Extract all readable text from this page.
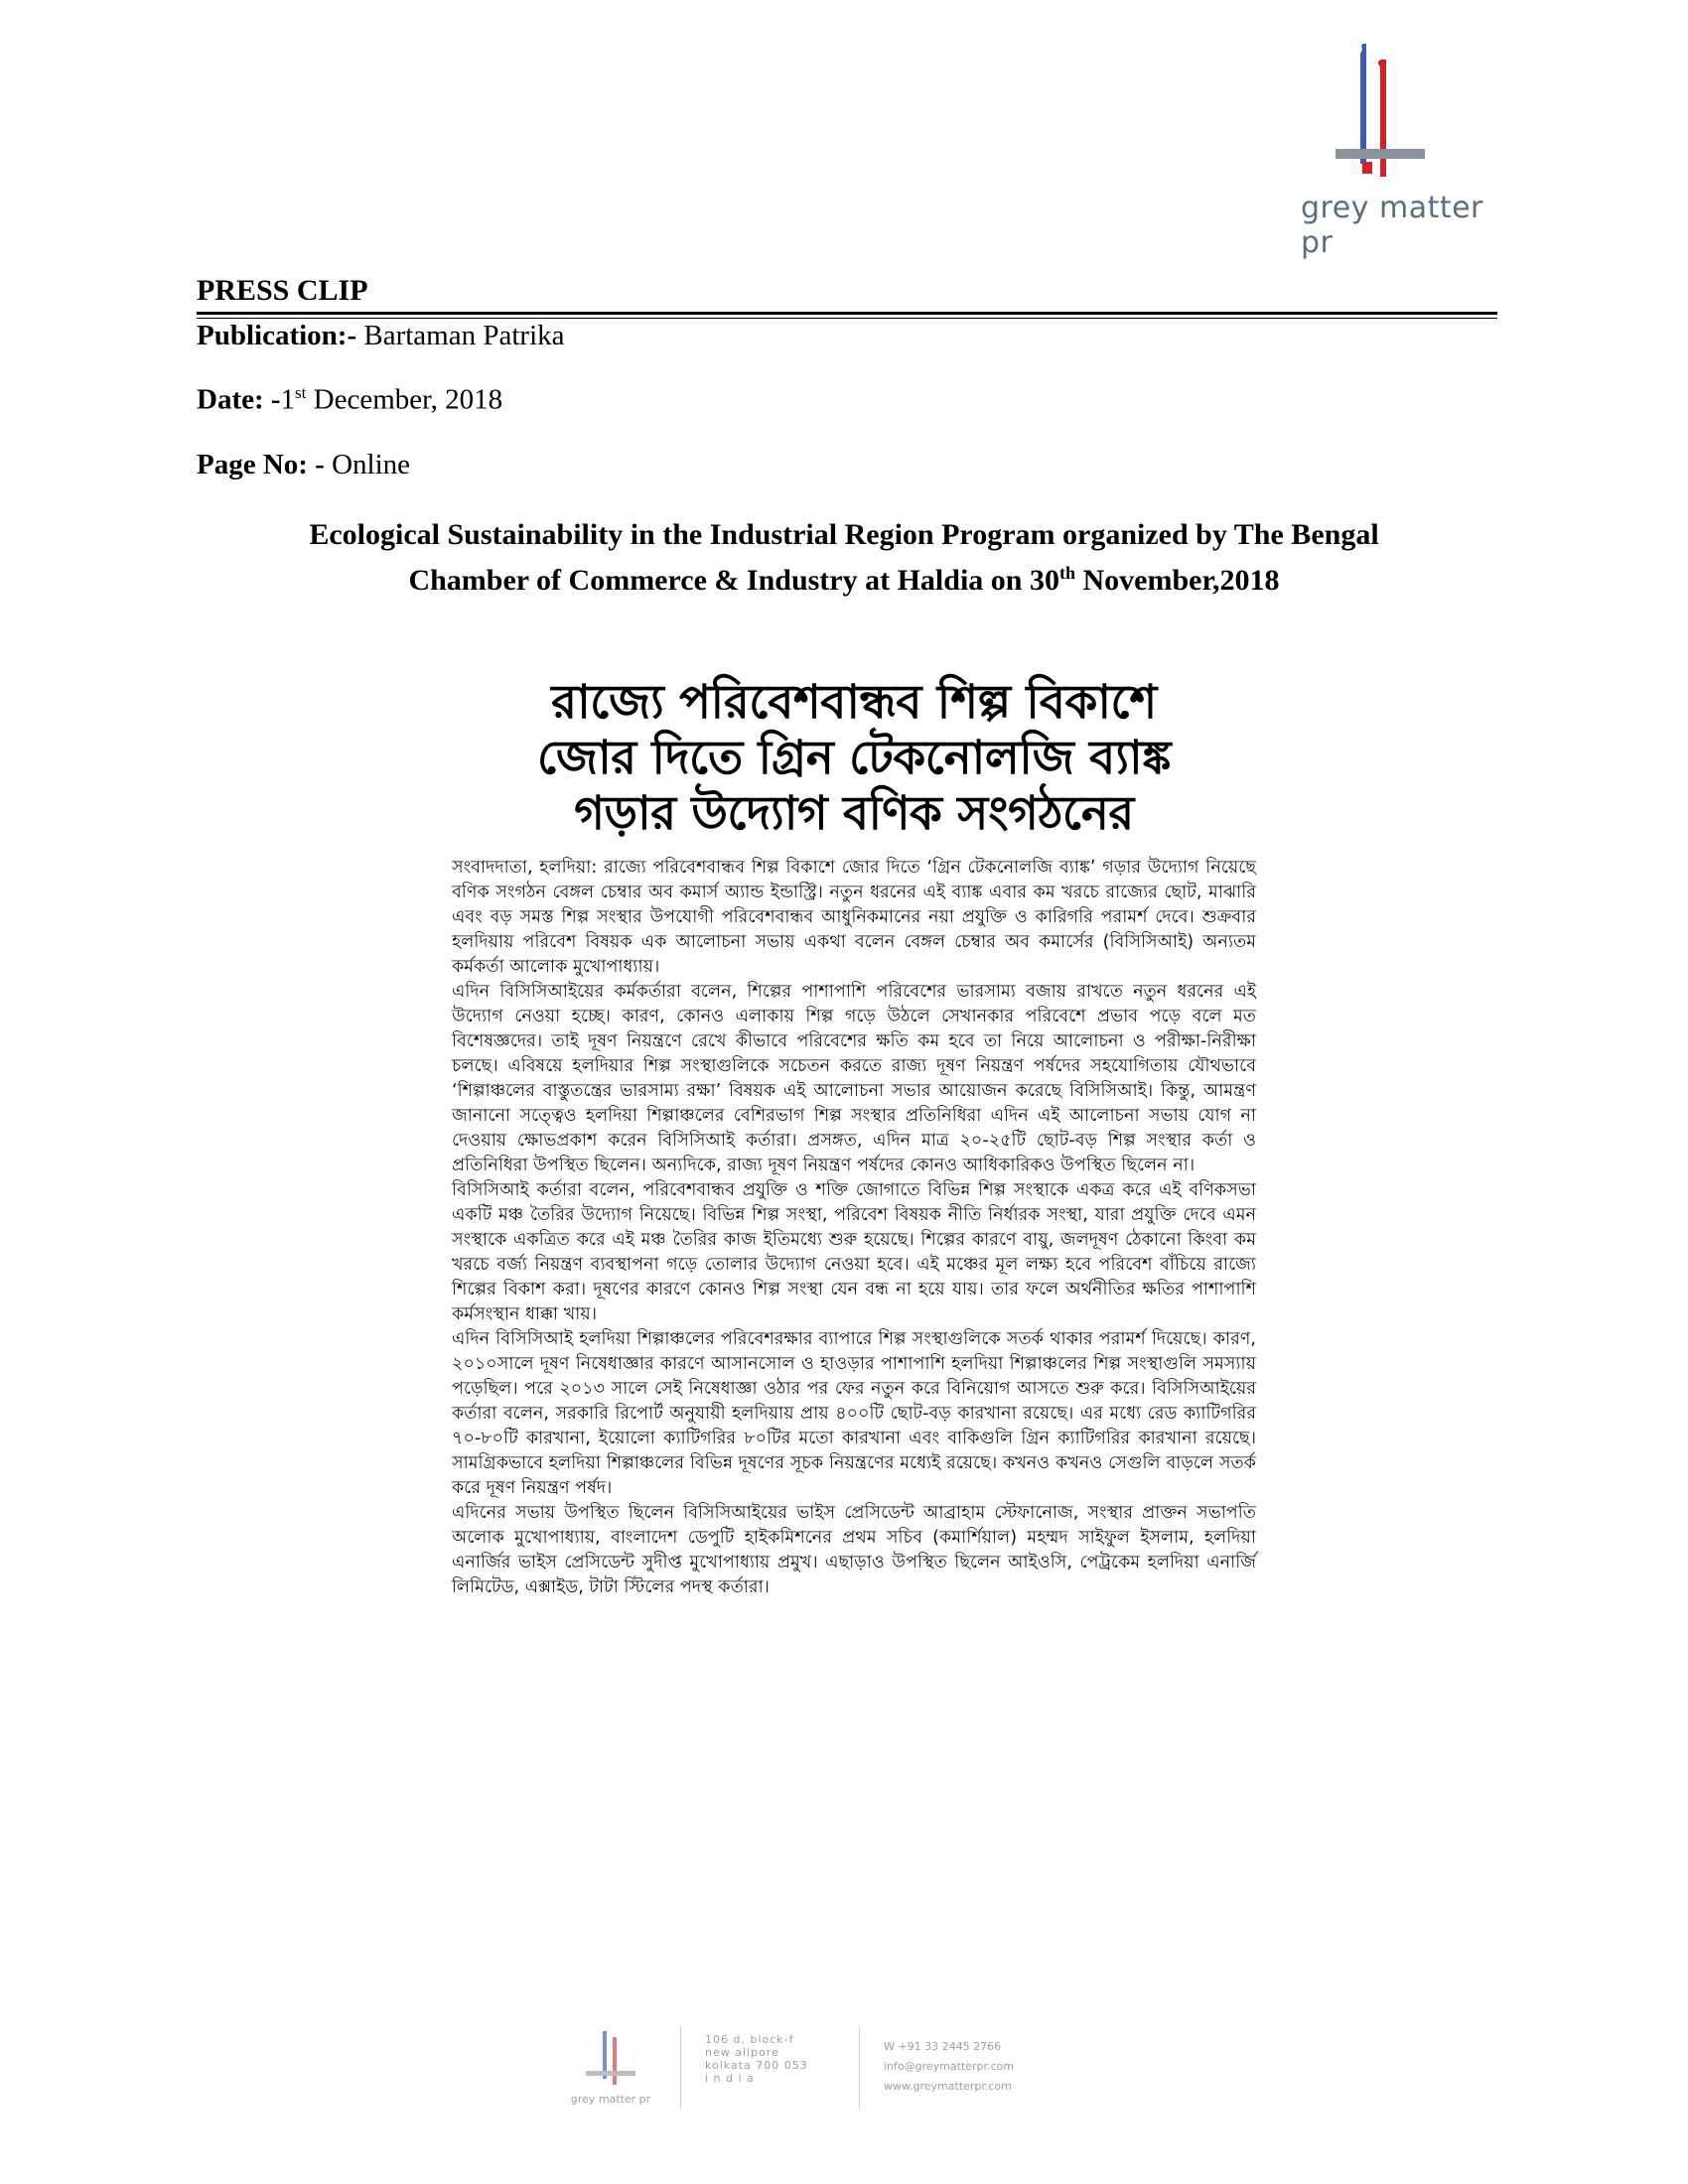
grey matter pr
PRESS CLIP
Publication:- Bartaman Patrika
Date: -1st December, 2018
Page No: - Online
Ecological Sustainability in the Industrial Region Program organized by The Bengal
Chamber of Commerce & Industry at Haldia on 30th November,2018
রাজ্যে পরিবেশবান্ধব শিল্প বিকাশে
জোর দিতে গ্রিন টেকনোলজি ব্যাঙ্ক
গড়ার উদ্যোগ বণিক সংগঠনের

সংবাদদাতা, হলদিয়া: রাজ্যে পরিবেশবান্ধব শিল্প বিকাশে জোর দিতে ‘গ্রিন টেকনোলজি ব্যাঙ্ক’ গড়ার উদ্যোগ নিয়েছে বণিক সংগঠন বেঙ্গল চেম্বার অব কমার্স অ্যান্ড ইন্ডাস্ট্রি। নতুন ধরনের এই ব্যাঙ্ক এবার কম খরচে রাজ্যের ছোট, মাঝারি এবং বড় সমস্ত শিল্প সংস্থার উপযোগী পরিবেশবান্ধব আধুনিকমানের নয়া প্রযুক্তি ও কারিগরি পরামর্শ দেবে। শুক্রবার হলদিয়ায় পরিবেশ বিষয়ক এক আলোচনা সভায় একথা বলেন বেঙ্গল চেম্বার অব কমার্সের (বিসিসিআই) অন্যতম কর্মকর্তা আলোক মুখোপাধ্যায়।

এদিন বিসিসিআইয়ের কর্মকর্তারা বলেন, শিল্পের পাশাপাশি পরিবেশের ভারসাম্য বজায় রাখতে নতুন ধরনের এই উদ্যোগ নেওয়া হচ্ছে। কারণ, কোনও এলাকায় শিল্প গড়ে উঠলে সেখানকার পরিবেশে প্রভাব পড়ে বলে মত বিশেষজ্ঞদের। তাই দূষণ নিয়ন্ত্রণে রেখে কীভাবে পরিবেশের ক্ষতি কম হবে তা নিয়ে আলোচনা ও পরীক্ষা-নিরীক্ষা চলছে। এবিষয়ে হলদিয়ার শিল্প সংস্থাগুলিকে সচেতন করতে রাজ্য দূষণ নিয়ন্ত্রণ পর্ষদের সহযোগিতায় যৌথভাবে ‘শিল্পাঞ্চলের বাস্তুতন্ত্রের ভারসাম্য রক্ষা’ বিষয়ক এই আলোচনা সভার আয়োজন করেছে বিসিসিআই। কিন্তু, আমন্ত্রণ জানানো সত্ত্বেও হলদিয়া শিল্পাঞ্চলের বেশিরভাগ শিল্প সংস্থার প্রতিনিধিরা এদিন এই আলোচনা সভায় যোগ না দেওয়ায় ক্ষোভপ্রকাশ করেন বিসিসিআই কর্তারা। প্রসঙ্গত, এদিন মাত্র ২০-২৫টি ছোট-বড় শিল্প সংস্থার কর্তা ও প্রতিনিধিরা উপস্থিত ছিলেন। অন্যদিকে, রাজ্য দূষণ নিয়ন্ত্রণ পর্ষদের কোনও আধিকারিকও উপস্থিত ছিলেন না।

বিসিসিআই কর্তারা বলেন, পরিবেশবান্ধব প্রযুক্তি ও শক্তি জোগাতে বিভিন্ন শিল্প সংস্থাকে একত্র করে এই বণিকসভা একটি মঞ্চ তৈরির উদ্যোগ নিয়েছে। বিভিন্ন শিল্প সংস্থা, পরিবেশ বিষয়ক নীতি নির্ধারক সংস্থা, যারা প্রযুক্তি দেবে এমন সংস্থাকে একত্রিত করে এই মঞ্চ তৈরির কাজ ইতিমধ্যে শুরু হয়েছে। শিল্পের কারণে বায়ু, জলদূষণ ঠেকানো কিংবা কম খরচে বর্জ্য নিয়ন্ত্রণ ব্যবস্থাপনা গড়ে তোলার উদ্যোগ নেওয়া হবে। এই মঞ্চের মূল লক্ষ্য হবে পরিবেশ বাঁচিয়ে রাজ্যে শিল্পের বিকাশ করা। দূষণের কারণে কোনও শিল্প সংস্থা যেন বন্ধ না হয়ে যায়। তার ফলে অর্থনীতির ক্ষতির পাশাপাশি কর্মসংস্থান ধাক্কা খায়।

এদিন বিসিসিআই হলদিয়া শিল্পাঞ্চলের পরিবেশরক্ষার ব্যাপারে শিল্প সংস্থাগুলিকে সতর্ক থাকার পরামর্শ দিয়েছে। কারণ, ২০১০সালে দূষণ নিষেধাজ্ঞার কারণে আসানসোল ও হাওড়ার পাশাপাশি হলদিয়া শিল্পাঞ্চলের শিল্প সংস্থাগুলি সমস্যায় পড়েছিল। পরে ২০১৩ সালে সেই নিষেধাজ্ঞা ওঠার পর ফের নতুন করে বিনিয়োগ আসতে শুরু করে। বিসিসিআইয়ের কর্তারা বলেন, সরকারি রিপোর্ট অনুযায়ী হলদিয়ায় প্রায় ৪০০টি ছোট-বড় কারখানা রয়েছে। এর মধ্যে রেড ক্যাটিগরির ৭০-৮০টি কারখানা, ইয়োলো ক্যাটিগরির ৮০টির মতো কারখানা এবং বাকিগুলি গ্রিন ক্যাটিগরির কারখানা রয়েছে। সামগ্রিকভাবে হলদিয়া শিল্পাঞ্চলের বিভিন্ন দূষণের সূচক নিয়ন্ত্রণের মধ্যেই রয়েছে। কখনও কখনও সেগুলি বাড়লে সতর্ক করে দূষণ নিয়ন্ত্রণ পর্ষদ।

এদিনের সভায় উপস্থিত ছিলেন বিসিসিআইয়ের ভাইস প্রেসিডেন্ট আব্রাহাম স্টেফানোজ, সংস্থার প্রাক্তন সভাপতি অলোক মুখোপাধ্যায়, বাংলাদেশ ডেপুটি হাইকমিশনের প্রথম সচিব (কমার্শিয়াল) মহম্মদ সাইফুল ইসলাম, হলদিয়া এনার্জির ভাইস প্রেসিডেন্ট সুদীপ্ত মুখোপাধ্যায় প্রমুখ। এছাড়াও উপস্থিত ছিলেন আইওসি, পেট্রকেম হলদিয়া এনার্জি লিমিটেড, এক্সাইড, টাটা স্টিলের পদস্থ কর্তারা।

grey matter pr
106 d, block-f
new alipore
kolkata 700 053
i n d i a
W +91 33 2445 2766
info@greymatterpr.com
www.greymatterpr.com
